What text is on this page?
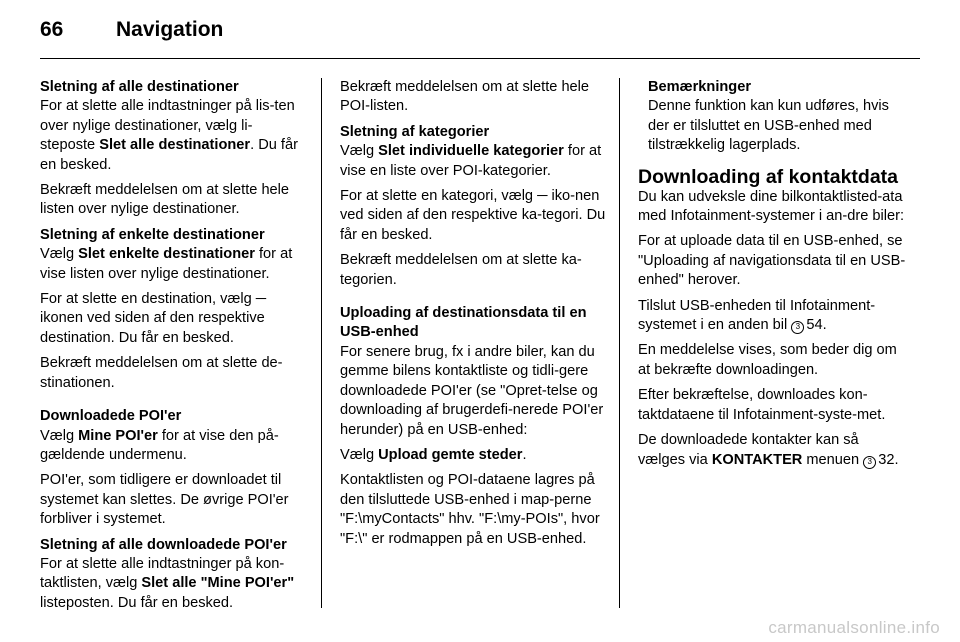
66	Navigation
Sletning af alle destinationer

For at slette alle indtastninger på lis-ten over nylige destinationer, vælg li-steposte Slet alle destinationer. Du får en besked.

Bekræft meddelelsen om at slette hele listen over nylige destinationer.

Sletning af enkelte destinationer

Vælg Slet enkelte destinationer for at vise listen over nylige destinationer.

For at slette en destination, vælg ─ ikonen ved siden af den respektive destination. Du får en besked.

Bekræft meddelelsen om at slette de-stinationen.

Downloadede POI'er

Vælg Mine POI'er for at vise den på-gældende undermenu.

POI'er, som tidligere er downloadet til systemet kan slettes. De øvrige POI'er forbliver i systemet.

Sletning af alle downloadede POI'er

For at slette alle indtastninger på kon-taktlisten, vælg Slet alle "Mine POI'er" listeposten. Du får en besked.

Bekræft meddelelsen om at slette hele POI-listen.

Sletning af kategorier

Vælg Slet individuelle kategorier for at vise en liste over POI-kategorier.

For at slette en kategori, vælg ─ iko-nen ved siden af den respektive ka-tegori. Du får en besked.

Bekræft meddelelsen om at slette ka-tegorien.

Uploading af destinationsdata til en USB-enhed

For senere brug, fx i andre biler, kan du gemme bilens kontaktliste og tidli-gere downloadede POI'er (se "Opret-telse og downloading af brugerdefi-nerede POI'er herunder) på en USB-enhed:

Vælg Upload gemte steder.

Kontaktlisten og POI-dataene lagres på den tilsluttede USB-enhed i map-perne "F:\myContacts" hhv. "F:\my-POIs", hvor "F:\" er rodmappen på en USB-enhed.

Bemærkninger

Denne funktion kan kun udføres, hvis der er tilsluttet en USB-enhed med tilstrækkelig lagerplads.

Downloading af kontaktdata

Du kan udveksle dine bilkontaktlisted-ata med Infotainment-systemer i an-dre biler:

For at uploade data til en USB-enhed, se "Uploading af navigationsdata til en USB-enhed" herover.

Tilslut USB-enheden til Infotainment-systemet i en anden bil 3 54.

En meddelelse vises, som beder dig om at bekræfte downloadingen.

Efter bekræftelse, downloades kon-taktdataene til Infotainment-syste-met.

De downloadede kontakter kan så vælges via KONTAKTER menuen 3 32.

carmanualsonline.info
